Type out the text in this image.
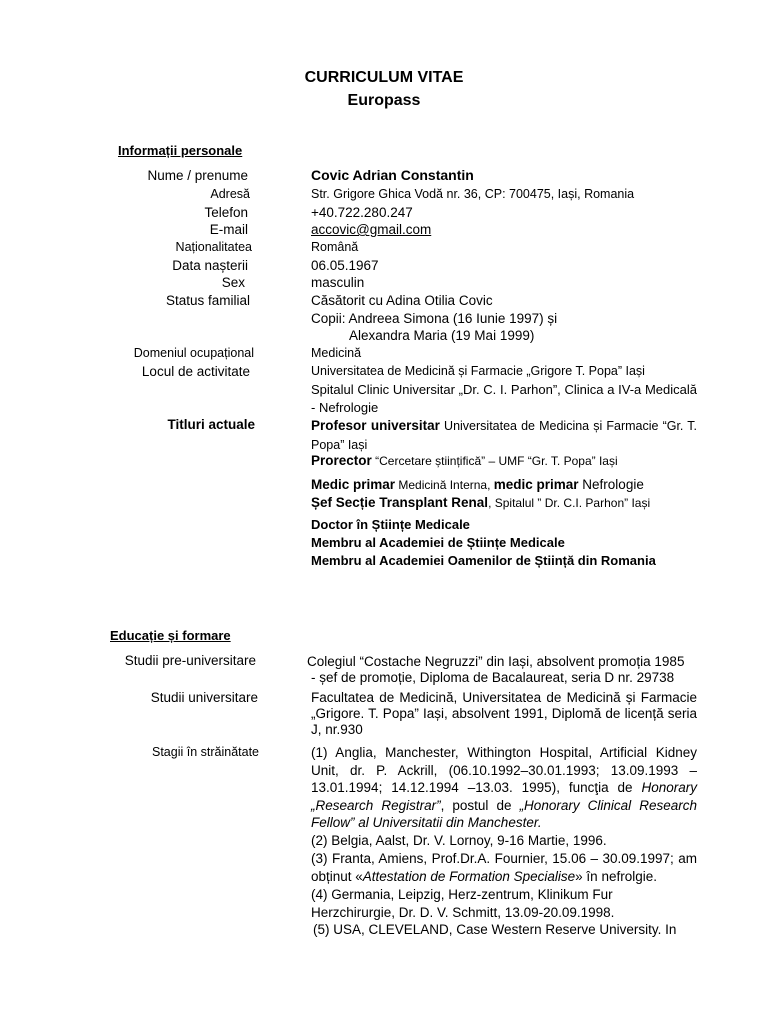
CURRICULUM VITAE
Europass
Informații personale
Nume / prenume	Covic Adrian Constantin
Adresă	Str. Grigore Ghica Vodă nr. 36, CP: 700475, Iași, Romania
Telefon	+40.722.280.247
E-mail	accovic@gmail.com
Naționalitatea	Română
Data nașterii	06.05.1967
Sex	masculin
Status familial	Căsătorit cu Adina Otilia Covic
Copii: Andreea Simona (16 Iunie 1997) și
Alexandra Maria (19 Mai 1999)
Domeniul ocupațional	Medicină
Locul de activitate	Universitatea de Medicină și Farmacie „Grigore T. Popa” Iași
Spitalul Clinic Universitar „Dr. C. I. Parhon”, Clinica a IV-a Medicală - Nefrologie
Titluri actuale	Profesor universitar Universitatea de Medicina și Farmacie “Gr. T. Popa” Iași
Prorector “Cercetare științifică” – UMF “Gr. T. Popa” Iași
Medic primar Medicină Interna, medic primar Nefrologie
Șef Secție Transplant Renal, Spitalul ” Dr. C.I. Parhon” Iași
Doctor în Științe Medicale
Membru al Academiei de Științe Medicale
Membru al Academiei Oamenilor de Știință din Romania
Educație și formare
Studii pre-universitare	Colegiul “Costache Negruzzi” din Iași, absolvent promoția 1985
- șef de promoție, Diploma de Bacalaureat, seria D nr. 29738
Studii universitare	Facultatea de Medicină, Universitatea de Medicină și Farmacie „Grigore. T. Popa” Iași, absolvent 1991, Diplomă de licență seria J, nr.930
Stagii în străinătate	(1) Anglia, Manchester, Withington Hospital, Artificial Kidney Unit, dr. P. Ackrill, (06.10.1992–30.01.1993; 13.09.1993 – 13.01.1994; 14.12.1994 –13.03. 1995), funcţia de Honorary „Research Registrar”, postul de „Honorary Clinical Research Fellow” al Universitatii din Manchester.
(2) Belgia, Aalst, Dr. V. Lornoy, 9-16 Martie, 1996.
(3) Franta, Amiens, Prof.Dr.A. Fournier, 15.06 – 30.09.1997; am obținut «Attestation de Formation Specialise» în nefrolgie.
(4) Germania, Leipzig, Herz-zentrum, Klinikum Fur Herzchirurgie, Dr. D. V. Schmitt, 13.09-20.09.1998.
(5) USA, CLEVELAND, Case Western Reserve University. In
